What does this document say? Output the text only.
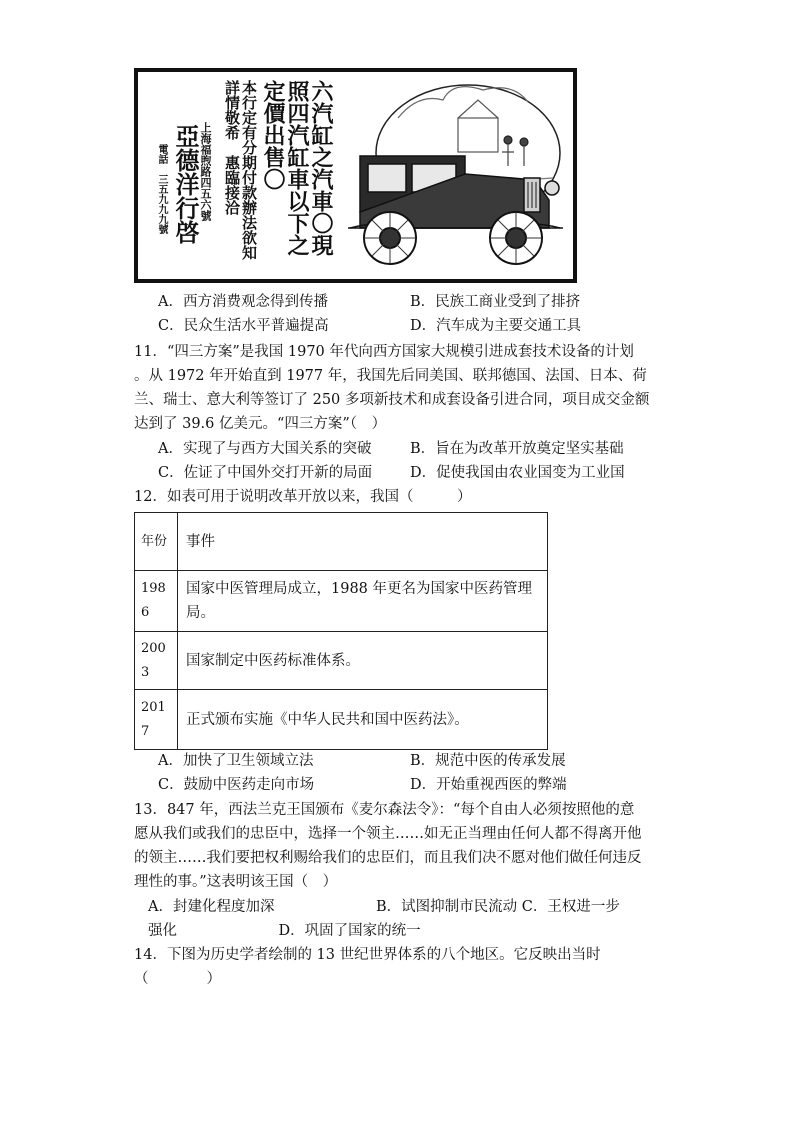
六汽缸之汽車〇現
照四汽缸車以下之
定價出售〇
本行定有分期付款辦法欲知
詳情敬希　惠臨接洽
上海福煦路四五六號
亞德洋行啓
電話　三五九九九號
A．西方消费观念得到传播	B．民族工商业受到了排挤
C．民众生活水平普遍提高	D．汽车成为主要交通工具
11．“四三方案”是我国 1970 年代向西方国家大规模引进成套技术设备的计划
。从 1972 年开始直到 1977 年，我国先后同美国、联邦德国、法国、日本、荷
兰、瑞士、意大利等签订了 250 多项新技术和成套设备引进合同，项目成交金额
达到了 39.6 亿美元。“四三方案”（　）
A．实现了与西方大国关系的突破	B．旨在为改革开放奠定坚实基础
C．佐证了中国外交打开新的局面	D．促使我国由农业国变为工业国
12．如表可用于说明改革开放以来，我国（　　　）
年份	事件
1986	国家中医管理局成立，1988 年更名为国家中医药管理局。
2003	国家制定中医药标准体系。
2017	正式颁布实施《中华人民共和国中医药法》。
A．加快了卫生领域立法	B．规范中医的传承发展
C．鼓励中医药走向市场	D．开始重视西医的弊端
13．847 年，西法兰克王国颁布《麦尔森法令》：“每个自由人必须按照他的意
愿从我们或我们的忠臣中，选择一个领主……如无正当理由任何人都不得离开他
的领主……我们要把权利赐给我们的忠臣们，而且我们决不愿对他们做任何违反
理性的事。”这表明该王国（　）
A．封建化程度加深　　　　　　　B．试图抑制市民流动 C．王权进一步
强化　　　　　　　D．巩固了国家的统一
14．下图为历史学者绘制的 13 世纪世界体系的八个地区。它反映出当时
（　　　　）
